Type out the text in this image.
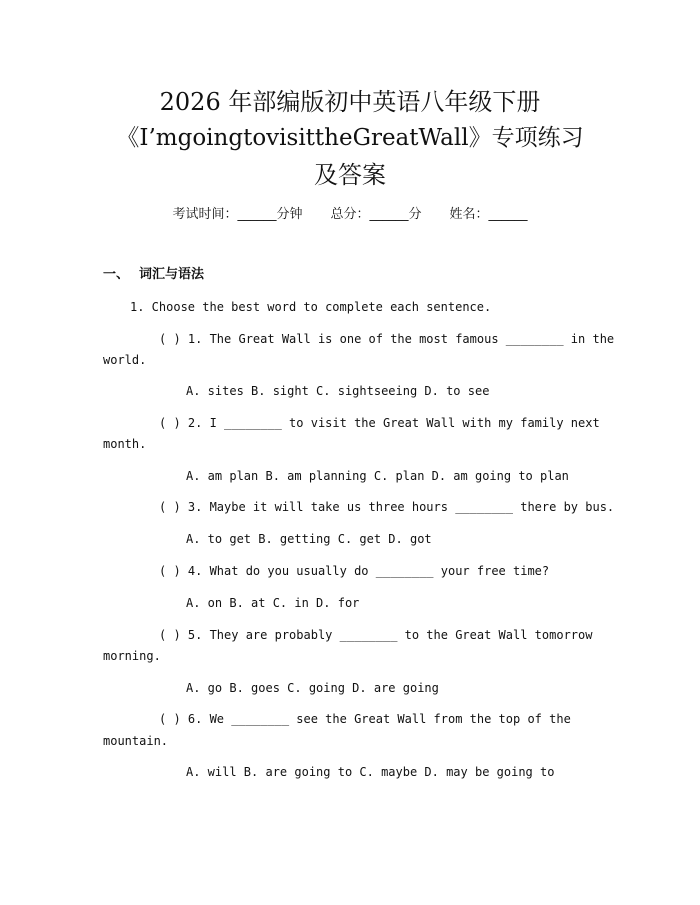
2026 年部编版初中英语八年级下册
《I’mgoingtovisittheGreatWall》专项练习
及答案
考试时间：______分钟 总分：______分 姓名：______
一、 词汇与语法
1. Choose the best word to complete each sentence.
( ) 1. The Great Wall is one of the most famous ________ in the
world.
A. sites B. sight C. sightseeing D. to see
( ) 2. I ________ to visit the Great Wall with my family next
month.
A. am plan B. am planning C. plan D. am going to plan
( ) 3. Maybe it will take us three hours ________ there by bus.
A. to get B. getting C. get D. got
( ) 4. What do you usually do ________ your free time?
A. on B. at C. in D. for
( ) 5. They are probably ________ to the Great Wall tomorrow
morning.
A. go B. goes C. going D. are going
( ) 6. We ________ see the Great Wall from the top of the
mountain.
A. will B. are going to C. maybe D. may be going to
